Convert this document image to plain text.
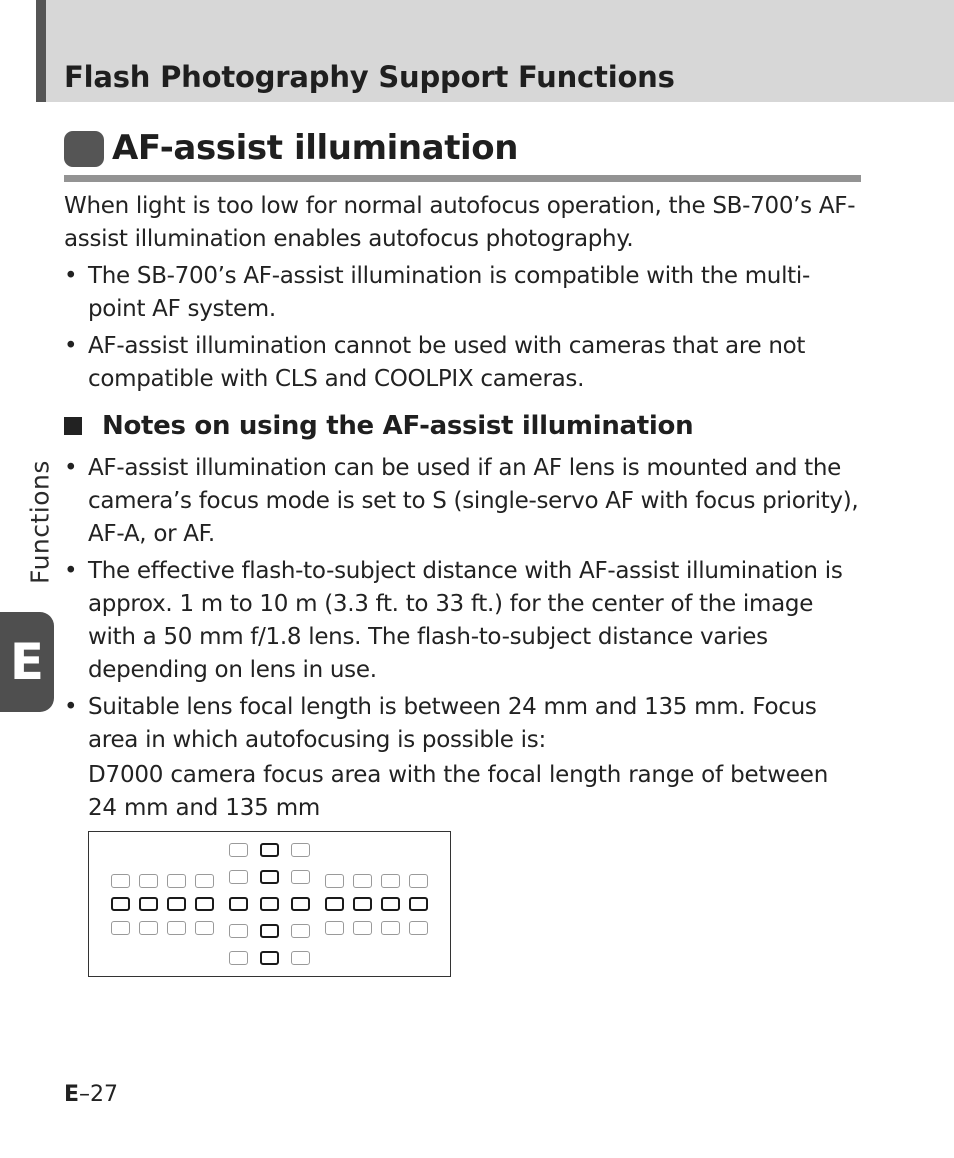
Flash Photography Support Functions
AF-assist illumination

When light is too low for normal autofocus operation, the SB-700’s AF-assist illumination enables autofocus photography.

• The SB-700’s AF-assist illumination is compatible with the multi-point AF system.
• AF-assist illumination cannot be used with cameras that are not compatible with CLS and COOLPIX cameras.
Notes on using the AF-assist illumination
• AF-assist illumination can be used if an AF lens is mounted and the camera’s focus mode is set to S (single-servo AF with focus priority), AF-A, or AF.
• The effective flash-to-subject distance with AF-assist illumination is approx. 1 m to 10 m (3.3 ft. to 33 ft.) for the center of the image with a 50 mm f/1.8 lens. The flash-to-subject distance varies depending on lens in use.
• Suitable lens focal length is between 24 mm and 135 mm. Focus area in which autofocusing is possible is:
D7000 camera focus area with the focal length range of between 24 mm and 135 mm
Functions
E
E–27
